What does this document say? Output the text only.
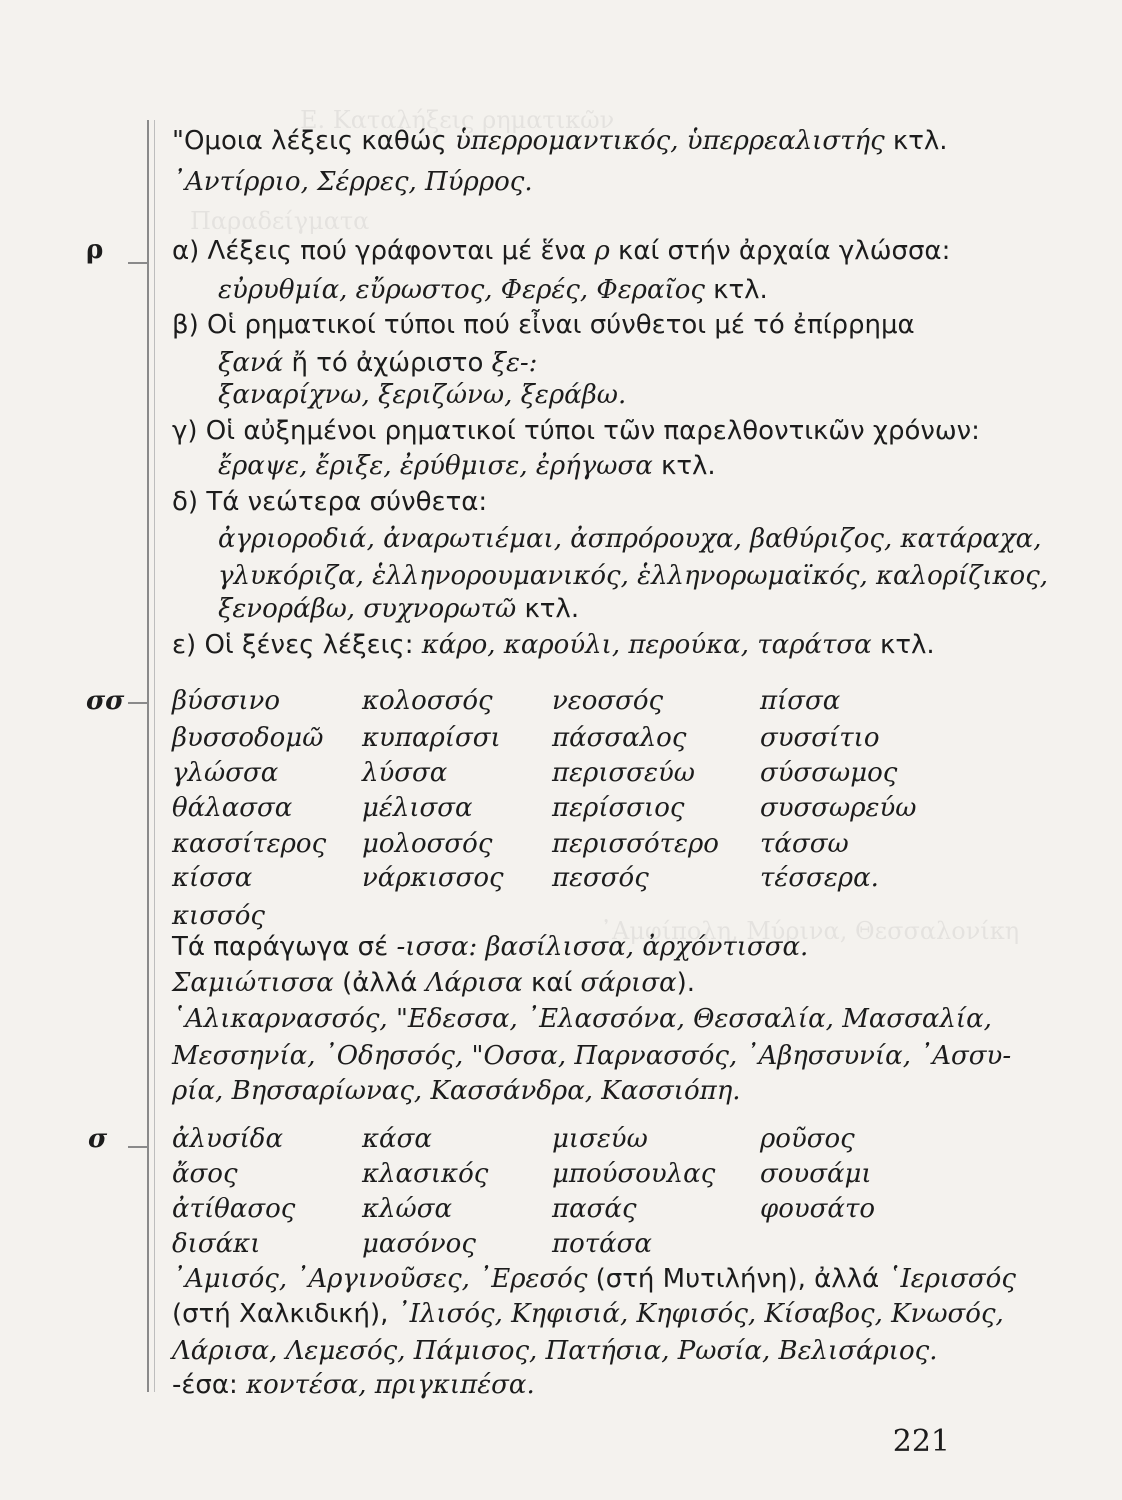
Ε. Καταλήξεις ρηματικῶν
Παραδείγματα
᾿Αμφίπολη, Μύρινα, Θεσσαλονίκη
"Ομοια λέξεις καθώς ὑπερρομαντικός, ὑπερρεαλιστής κτλ.
᾿Αντίρριο, Σέρρες, Πύρρος.
ρ	α) Λέξεις πού γράφονται μέ ἕνα ρ καί στήν ἀρχαία γλώσσα:
εὐρυθμία, εὔρωστος, Φερές, Φεραῖος κτλ.
β) Οἱ ρηματικοί τύποι πού εἶναι σύνθετοι μέ τό ἐπίρρημα
ξανά ἤ τό ἀχώριστο ξε-:
ξαναρίχνω, ξεριζώνω, ξεράβω.
γ) Οἱ αὐξημένοι ρηματικοί τύποι τῶν παρελθοντικῶν χρόνων:
ἔραψε, ἔριξε, ἐρύθμισε, ἐρήγωσα κτλ.
δ) Τά νεώτερα σύνθετα:
ἀγριοροδιά, ἀναρωτιέμαι, ἀσπρόρουχα, βαθύριζος, κατάραχα,
γλυκόριζα, ἑλληνορουμανικός, ἑλληνορωμαϊκός, καλορίζικος,
ξενοράβω, συχνορωτῶ κτλ.
ε) Οἱ ξένες λέξεις: κάρο, καρούλι, περούκα, ταράτσα κτλ.
σσ βύσσινο
βυσσοδομῶ
γλώσσα
θάλασσα
κασσίτερος
κίσσα
κισσός
κολοσσός
κυπαρίσσι
λύσσα
μέλισσα
μολοσσός
νάρκισσος
νεοσσός
πάσσαλος
περισσεύω
περίσσιος
περισσότερο
πεσσός
πίσσα
συσσίτιο
σύσσωμος
συσσωρεύω
τάσσω
τέσσερα.
Τά παράγωγα σέ -ισσα: βασίλισσα, ἀρχόντισσα.
Σαμιώτισσα (ἀλλά Λάρισα καί σάρισα).
῾Αλικαρνασσός, "Εδεσσα, ᾿Ελασσόνα, Θεσσαλία, Μασσαλία,
Μεσσηνία, ᾿Οδησσός, "Οσσα, Παρνασσός, ᾿Αβησσυνία, ᾿Ασσυ-
ρία, Βησσαρίωνας, Κασσάνδρα, Κασσιόπη.
σ ἀλυσίδα
ἄσος
ἀτίθασος
δισάκι
κάσα
κλασικός
κλώσα
μασόνος
μισεύω
μπούσουλας
πασάς
ποτάσα
ροῦσος
σουσάμι
φουσάτο
᾿Αμισός, ᾿Αργινοῦσες, ᾿Ερεσός (στή Μυτιλήνη), ἀλλά ῾Ιερισσός
(στή Χαλκιδική), ᾿Ιλισός, Κηφισιά, Κηφισός, Κίσαβος, Κνωσός,
Λάρισα, Λεμεσός, Πάμισος, Πατήσια, Ρωσία, Βελισάριος.
-έσα: κοντέσα, πριγκιπέσα.
221
